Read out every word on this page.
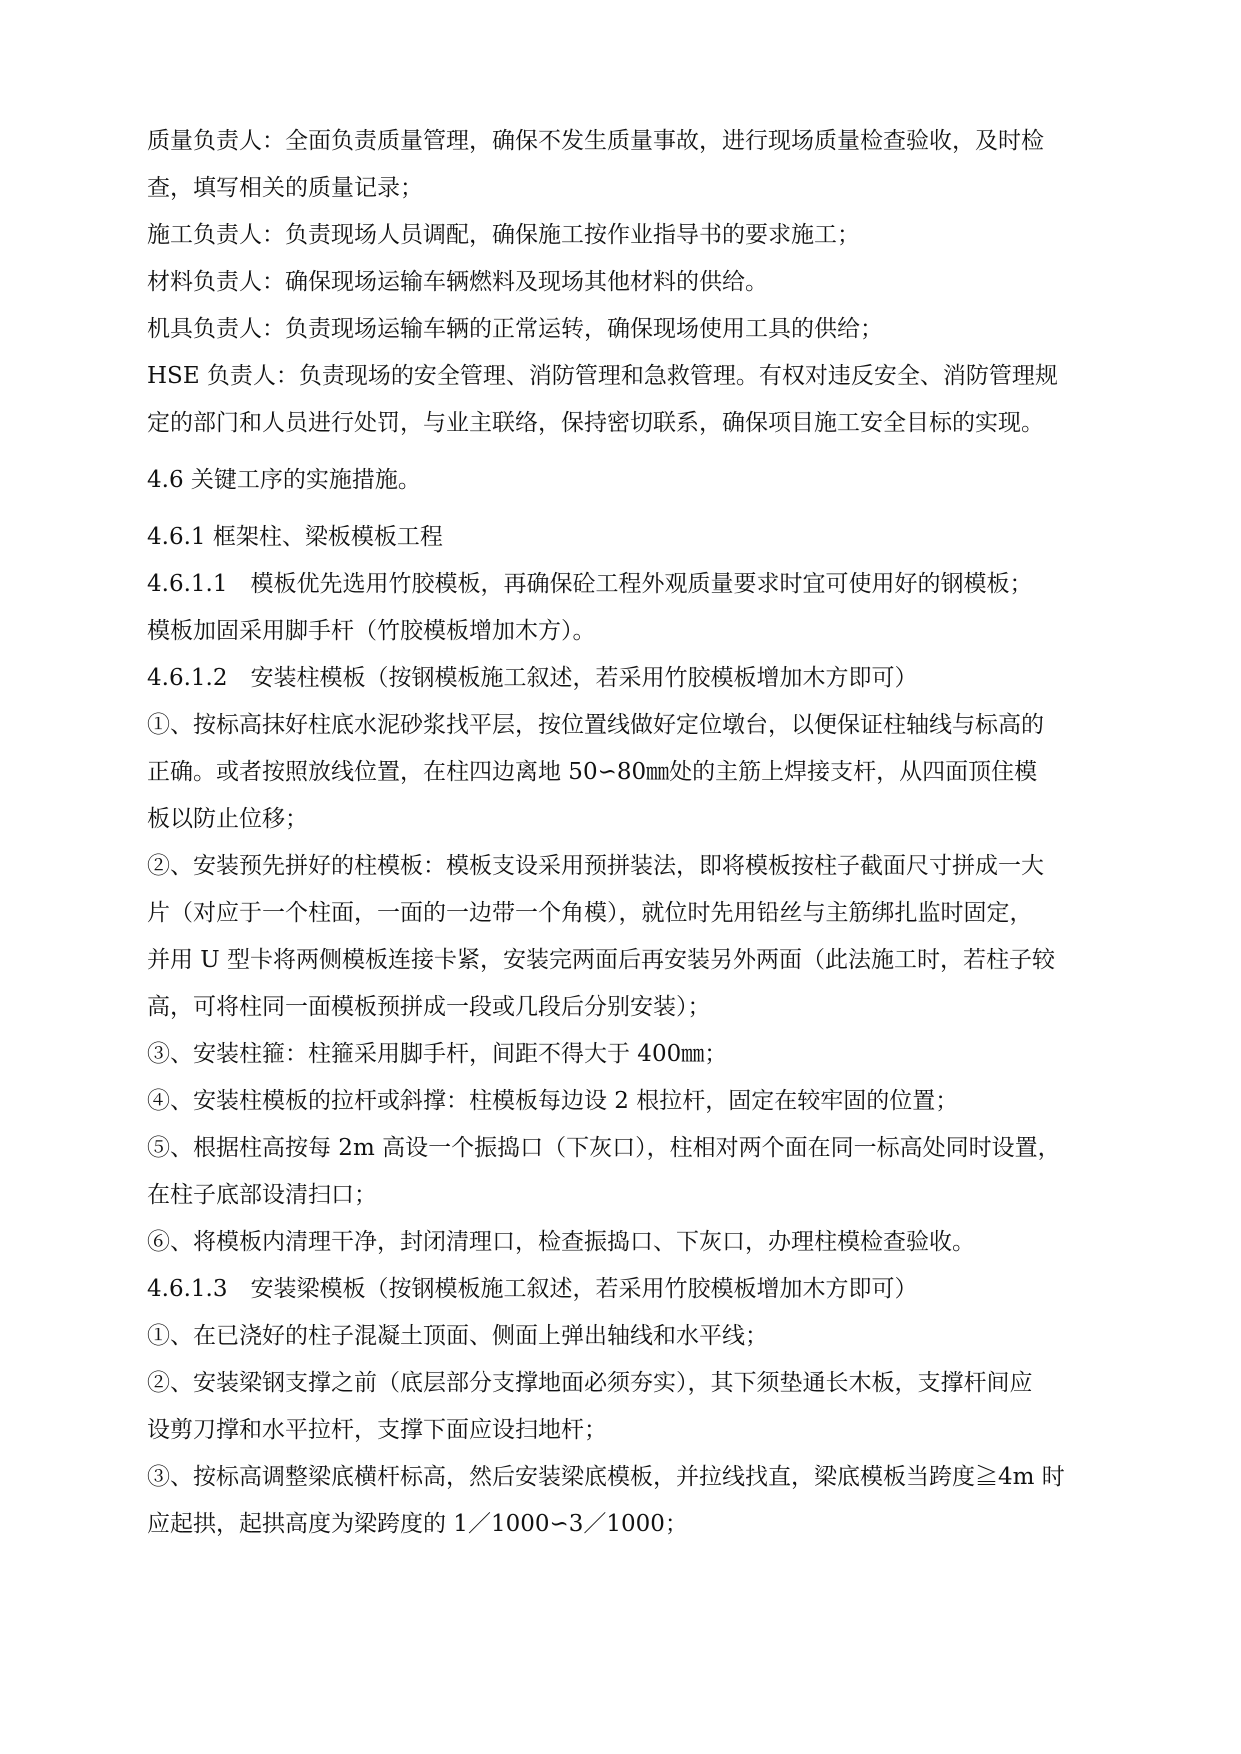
质量负责人：全面负责质量管理，确保不发生质量事故，进行现场质量检查验收，及时检

查，填写相关的质量记录；

施工负责人：负责现场人员调配，确保施工按作业指导书的要求施工；

材料负责人：确保现场运输车辆燃料及现场其他材料的供给。

机具负责人：负责现场运输车辆的正常运转，确保现场使用工具的供给；

HSE 负责人：负责现场的安全管理、消防管理和急救管理。有权对违反安全、消防管理规

定的部门和人员进行处罚，与业主联络，保持密切联系，确保项目施工安全目标的实现。

4.6 关键工序的实施措施。

4.6.1 框架柱、梁板模板工程

4.6.1.1　模板优先选用竹胶模板，再确保砼工程外观质量要求时宜可使用好的钢模板；

模板加固采用脚手杆（竹胶模板增加木方）。

4.6.1.2　安装柱模板（按钢模板施工叙述，若采用竹胶模板增加木方即可）

①、按标高抹好柱底水泥砂浆找平层，按位置线做好定位墩台，以便保证柱轴线与标高的

正确。或者按照放线位置，在柱四边离地 50∽80㎜处的主筋上焊接支杆，从四面顶住模

板以防止位移；

②、安装预先拼好的柱模板：模板支设采用预拼装法，即将模板按柱子截面尺寸拼成一大

片（对应于一个柱面，一面的一边带一个角模），就位时先用铅丝与主筋绑扎监时固定，

并用 U 型卡将两侧模板连接卡紧，安装完两面后再安装另外两面（此法施工时，若柱子较

高，可将柱同一面模板预拼成一段或几段后分别安装）；

③、安装柱箍：柱箍采用脚手杆，间距不得大于 400㎜；

④、安装柱模板的拉杆或斜撑：柱模板每边设 2 根拉杆，固定在较牢固的位置；

⑤、根据柱高按每 2m 高设一个振捣口（下灰口），柱相对两个面在同一标高处同时设置，

在柱子底部设清扫口；

⑥、将模板内清理干净，封闭清理口，检查振捣口、下灰口，办理柱模检查验收。

4.6.1.3　安装梁模板（按钢模板施工叙述，若采用竹胶模板增加木方即可）

①、在已浇好的柱子混凝土顶面、侧面上弹出轴线和水平线；

②、安装梁钢支撑之前（底层部分支撑地面必须夯实），其下须垫通长木板，支撑杆间应

设剪刀撑和水平拉杆，支撑下面应设扫地杆；

③、按标高调整梁底横杆标高，然后安装梁底模板，并拉线找直，梁底模板当跨度≧4m 时

应起拱，起拱高度为梁跨度的 1／1000∽3／1000；
